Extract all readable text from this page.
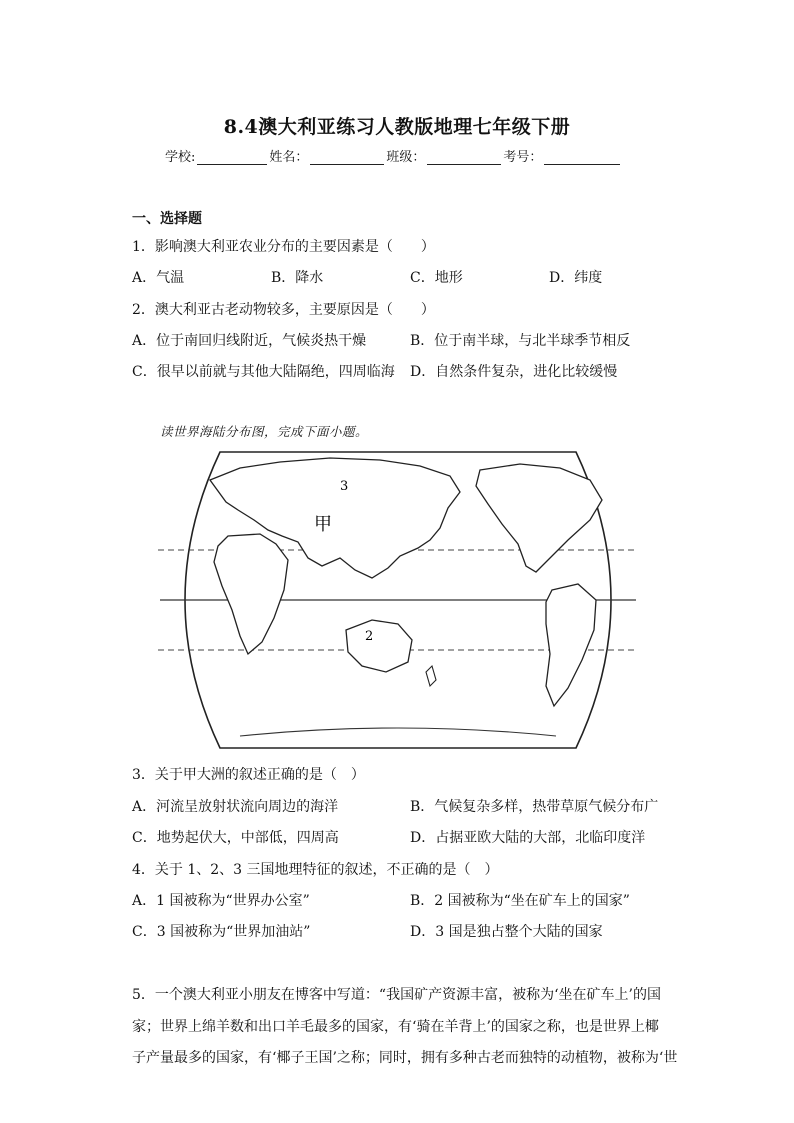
8.4澳大利亚练习人教版地理七年级下册
学校:	姓名：	班级：	考号：
一、选择题
1．影响澳大利亚农业分布的主要因素是（　　）
A．气温	B．降水	C．地形	D．纬度
2．澳大利亚古老动物较多，主要原因是（　　）
A．位于南回归线附近，气候炎热干燥	B．位于南半球，与北半球季节相反
C．很早以前就与其他大陆隔绝，四周临海 D．自然条件复杂，进化比较缓慢
读世界海陆分布图，完成下面小题。
甲
2
3
3．关于甲大洲的叙述正确的是（　）
A．河流呈放射状流向周边的海洋	B．气候复杂多样，热带草原气候分布广
C．地势起伏大，中部低，四周高	D．占据亚欧大陆的大部，北临印度洋
4．关于 1、2、3 三国地理特征的叙述，不正确的是（　）
A．1 国被称为“世界办公室”	B．2 国被称为“坐在矿车上的国家”
C．3 国被称为“世界加油站”	D．3 国是独占整个大陆的国家
5．一个澳大利亚小朋友在博客中写道：“我国矿产资源丰富，被称为‘坐在矿车上’的国
家；世界上绵羊数和出口羊毛最多的国家，有‘骑在羊背上’的国家之称，也是世界上椰
子产量最多的国家，有‘椰子王国’之称；同时，拥有多种古老而独特的动植物，被称为‘世
